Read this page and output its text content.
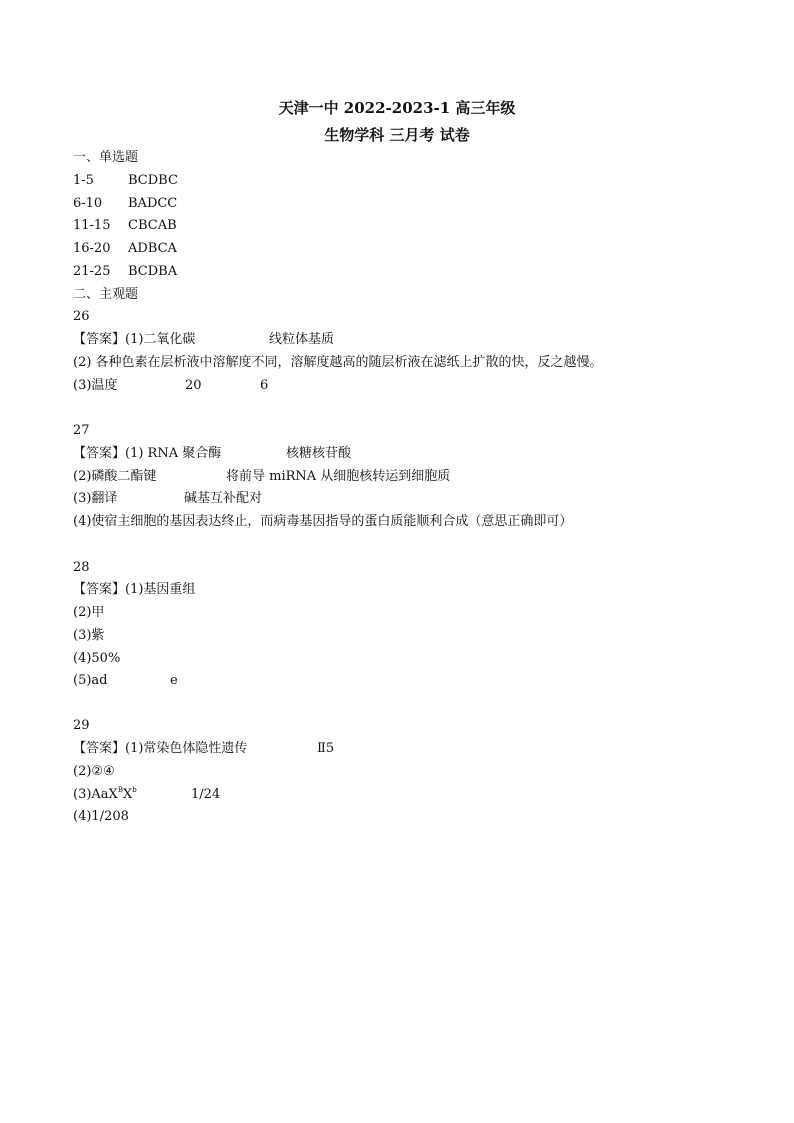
天津一中 2022-2023-1 高三年级
生物学科 三月考 试卷
一、单选题
1-5	BCDBC
6-10 BADCC
11-15 CBCAB
16-20 ADBCA
21-25 BCDBA
二、主观题
26
【答案】(1)二氧化碳	线粒体基质
(2) 各种色素在层析液中溶解度不同，溶解度越高的随层析液在滤纸上扩散的快，反之越慢。
(3)温度	20	6
27
【答案】(1) RNA 聚合酶	核糖核苷酸
(2)磷酸二酯键	将前导 miRNA 从细胞核转运到细胞质
(3)翻译	碱基互补配对
(4)使宿主细胞的基因表达终止，而病毒基因指导的蛋白质能顺利合成（意思正确即可）
28
【答案】(1)基因重组
(2)甲
(3)紫
(4)50%
(5)ad	e
29
【答案】(1)常染色体隐性遗传	Ⅱ5
(2)②④
$(3)AaX^BX^b$	1/24
(4)1/208
